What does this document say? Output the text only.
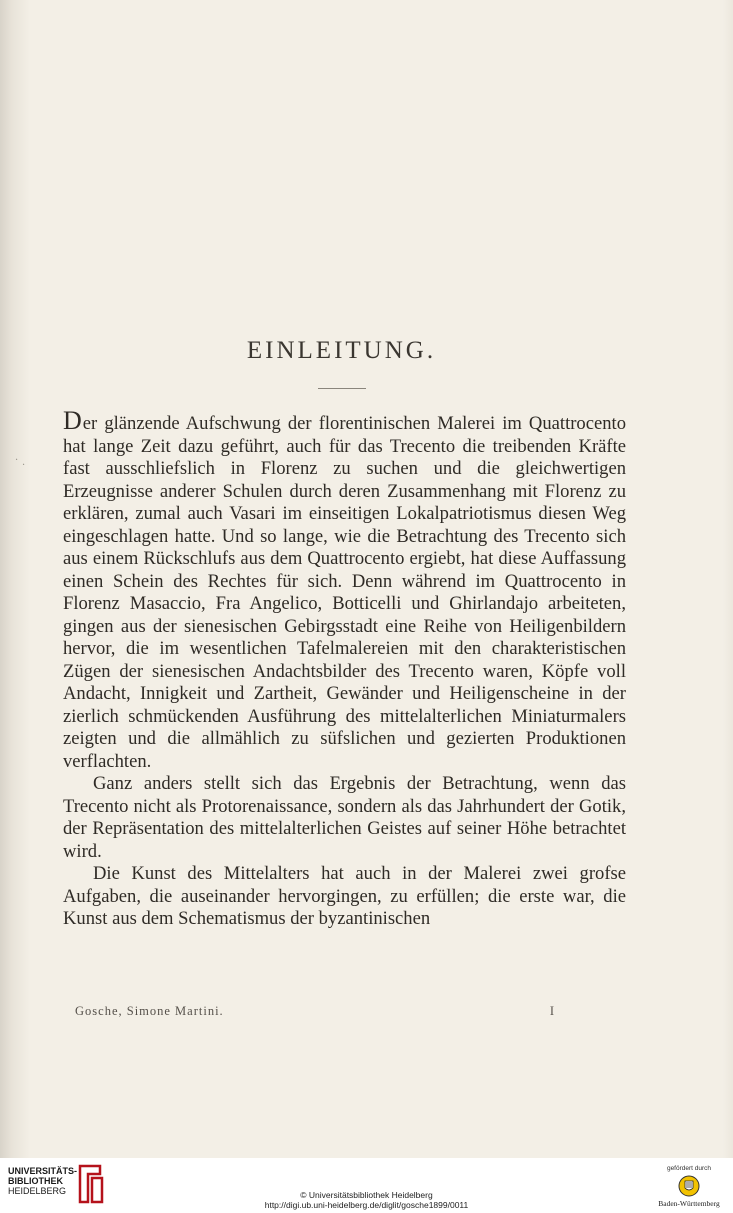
· ·
EINLEITUNG.

Der glänzende Aufschwung der florentinischen Malerei im Quattrocento hat lange Zeit dazu geführt, auch für das Trecento die treibenden Kräfte fast ausschliefslich in Florenz zu suchen und die gleichwertigen Erzeugnisse anderer Schulen durch deren Zusammenhang mit Florenz zu erklären, zumal auch Vasari im einseitigen Lokalpatriotismus diesen Weg eingeschlagen hatte. Und so lange, wie die Betrachtung des Trecento sich aus einem Rückschlufs aus dem Quattrocento ergiebt, hat diese Auffassung einen Schein des Rechtes für sich. Denn während im Quattrocento in Florenz Masaccio, Fra Angelico, Botticelli und Ghirlandajo arbeiteten, gingen aus der sienesischen Gebirgsstadt eine Reihe von Heiligenbildern hervor, die im wesentlichen Tafelmalereien mit den charakteristischen Zügen der sienesischen Andachtsbilder des Trecento waren, Köpfe voll Andacht, Innigkeit und Zartheit, Gewänder und Heiligenscheine in der zierlich schmückenden Ausführung des mittelalterlichen Miniaturmalers zeigten und die allmählich zu süfslichen und gezierten Produktionen verflachten.

Ganz anders stellt sich das Ergebnis der Betrachtung, wenn das Trecento nicht als Protorenaissance, sondern als das Jahrhundert der Gotik, der Repräsentation des mittelalterlichen Geistes auf seiner Höhe betrachtet wird.

Die Kunst des Mittelalters hat auch in der Malerei zwei grofse Aufgaben, die auseinander hervorgingen, zu erfüllen; die erste war, die Kunst aus dem Schematismus der byzantinischen

Gosche, Simone Martini.	I
UNIVERSITÄTS-
BIBLIOTHEK
HEIDELBERG	© Universitätsbibliothek Heidelberg
http://digi.ub.uni-heidelberg.de/diglit/gosche1899/0011
gefördert durch
Baden-Württemberg
